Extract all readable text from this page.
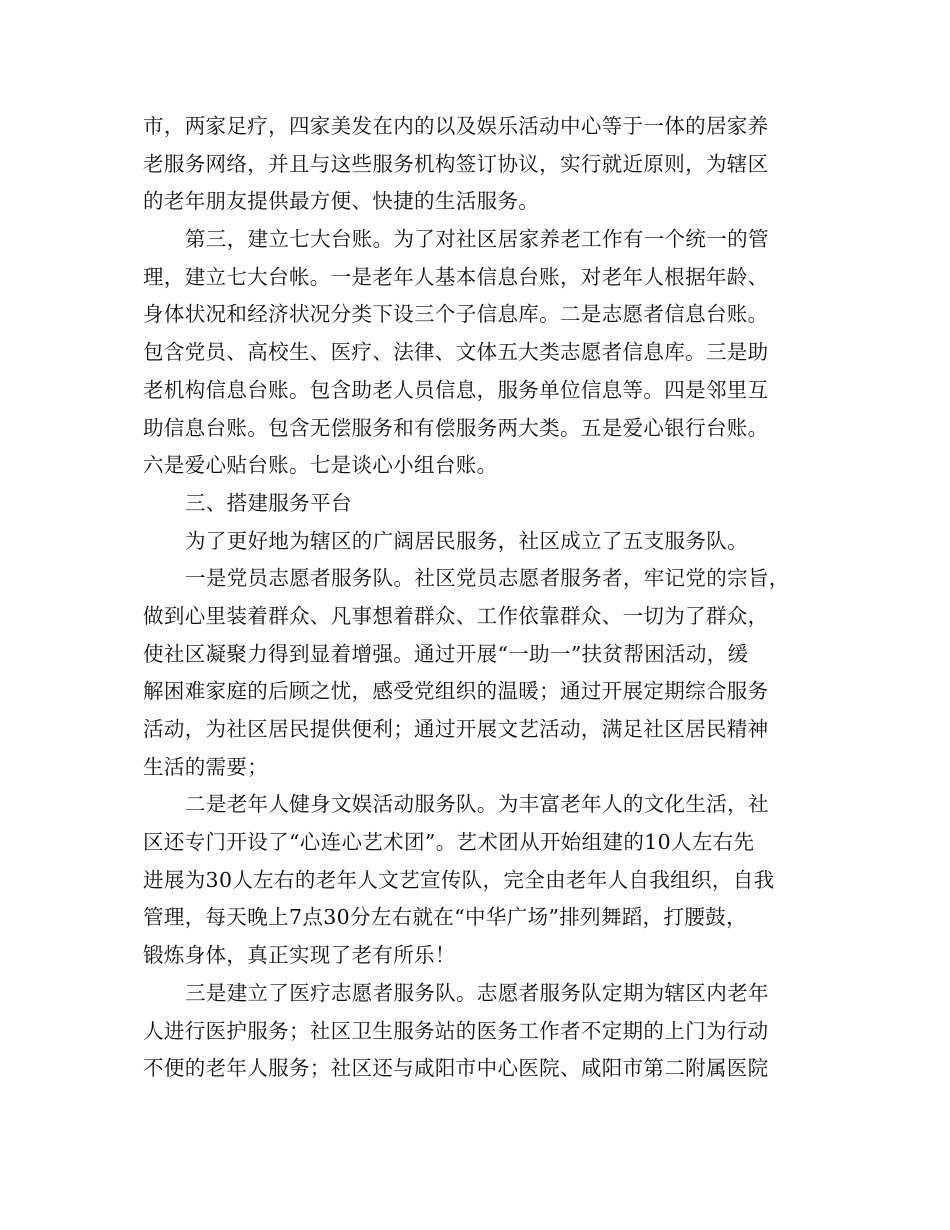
市，两家足疗，四家美发在内的以及娱乐活动中心等于一体的居家养
老服务网络，并且与这些服务机构签订协议，实行就近原则，为辖区
的老年朋友提供最方便、快捷的生活服务。
第三，建立七大台账。为了对社区居家养老工作有一个统一的管
理，建立七大台帐。一是老年人基本信息台账，对老年人根据年龄、
身体状况和经济状况分类下设三个子信息库。二是志愿者信息台账。
包含党员、高校生、医疗、法律、文体五大类志愿者信息库。三是助
老机构信息台账。包含助老人员信息，服务单位信息等。四是邻里互
助信息台账。包含无偿服务和有偿服务两大类。五是爱心银行台账。
六是爱心贴台账。七是谈心小组台账。
三、搭建服务平台
为了更好地为辖区的广阔居民服务，社区成立了五支服务队。
一是党员志愿者服务队。社区党员志愿者服务者，牢记党的宗旨，
做到心里装着群众、凡事想着群众、工作依靠群众、一切为了群众，
使社区凝聚力得到显着增强。通过开展“一助一”扶贫帮困活动，缓
解困难家庭的后顾之忧，感受党组织的温暖；通过开展定期综合服务
活动，为社区居民提供便利；通过开展文艺活动，满足社区居民精神
生活的需要；
二是老年人健身文娱活动服务队。为丰富老年人的文化生活，社
区还专门开设了“心连心艺术团”。艺术团从开始组建的10人左右先
进展为30人左右的老年人文艺宣传队，完全由老年人自我组织，自我
管理，每天晚上7点30分左右就在“中华广场”排列舞蹈，打腰鼓，
锻炼身体，真正实现了老有所乐！
三是建立了医疗志愿者服务队。志愿者服务队定期为辖区内老年
人进行医护服务；社区卫生服务站的医务工作者不定期的上门为行动
不便的老年人服务；社区还与咸阳市中心医院、咸阳市第二附属医院
